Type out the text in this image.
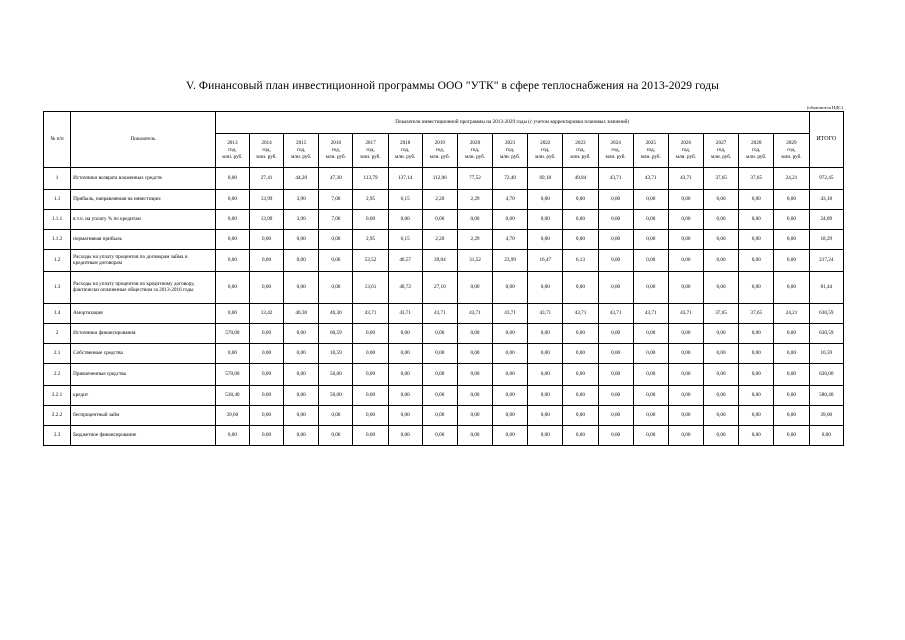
V. Финансовый план инвестиционной программы ООО "УТК" в сфере теплоснабжения на 2013-2029 годы
(облагаются НДС)
№ п/п	Показатель	Показатели инвестиционной программы на 2013-2029 годы (с учетом корректировки плановых значений)																	ИТОГО

		2013
год,
млн. руб.	2014
год,
млн. руб.	2015
год,
млн. руб.	2016
год,
млн. руб.	2017
год,
млн. руб.	2018
год,
млн. руб.	2019
год,
млн. руб.	2020
год,
млн. руб.	2021
год,
млн. руб.	2022
год,
млн. руб.	2023
год,
млн. руб.	2024
год,
млн. руб.	2025
год,
млн. руб.	2026
год,
млн. руб.	2027
год,
млн. руб.	2028
год,
млн. руб.	2029
год,
млн. руб.	

1	Источники возврата вложенных средств	0,00	27,41	44,20	47,30	113,79	137,14	112,06	77,52	72,40	69,18	49,84	43,71	43,71	43,71	37,65	37,65	24,21	972,45
1.1	Прибыль, направляемая на инвестиции:	0,00	13,99	3,90	7,00	2,95	6,15	2,20	2,29	4,70	0,00	0,00	0,00	0,00	0,00	0,00	0,00	0,00	43,18
1.1.1	в т.ч. на уплату % по кредитам	0,00	13,99	3,90	7,00	0,00	0,00	0,00	0,00	0,00	0,00	0,00	0,00	0,00	0,00	0,00	0,00	0,00	24,89
1.1.2	нормативная прибыль	0,00	0,00	0,00	0,00	2,95	6,15	2,20	2,29	4,70	0,00	0,00	0,00	0,00	0,00	0,00	0,00	0,00	18,29
1.2	Расходы на уплату процентов по договорам займа и кредитным договорам	0,00	0,00	0,00	0,00	53,52	46,57	39,04	31,52	23,99	16,47	6,13	0,00	0,00	0,00	0,00	0,00	0,00	217,24
1.3	Расходы на уплату процентов по кредитному договору, фактически оплаченные обществом за 2013-2016 годы	0,00	0,00	0,00	0,00	13,61	40,72	27,10	0,00	0,00	0,00	0,00	0,00	0,00	0,00	0,00	0,00	0,00	81,44
1.4	Амортизация	0,00	13,42	40,30	40,30	43,71	43,71	43,71	43,71	43,71	43,71	43,71	43,71	43,71	43,71	37,65	37,65	24,21	630,59
2	Источники финансирования	570,00	0,00	0,00	60,59	0,00	0,00	0,00	0,00	0,00	0,00	0,00	0,00	0,00	0,00	0,00	0,00	0,00	630,59
2.1	Собственные средства	0,00	0,00	0,00	10,59	0,00	0,00	0,00	0,00	0,00	0,00	0,00	0,00	0,00	0,00	0,00	0,00	0,00	10,59
2.2	Привлеченные средства	570,00	0,00	0,00	50,00	0,00	0,00	0,00	0,00	0,00	0,00	0,00	0,00	0,00	0,00	0,00	0,00	0,00	620,00
2.2.1	кредит	530,40	0,00	0,00	50,00	0,00	0,00	0,00	0,00	0,00	0,00	0,00	0,00	0,00	0,00	0,00	0,00	0,00	580,40
2.2.2	беспроцентный займ	39,60	0,00	0,00	0,00	0,00	0,00	0,00	0,00	0,00	0,00	0,00	0,00	0,00	0,00	0,00	0,00	0,00	39,60
2.3	Бюджетное финансирование	0,00	0,00	0,00	0,00	0,00	0,00	0,00	0,00	0,00	0,00	0,00	0,00	0,00	0,00	0,00	0,00	0,00	0,00
